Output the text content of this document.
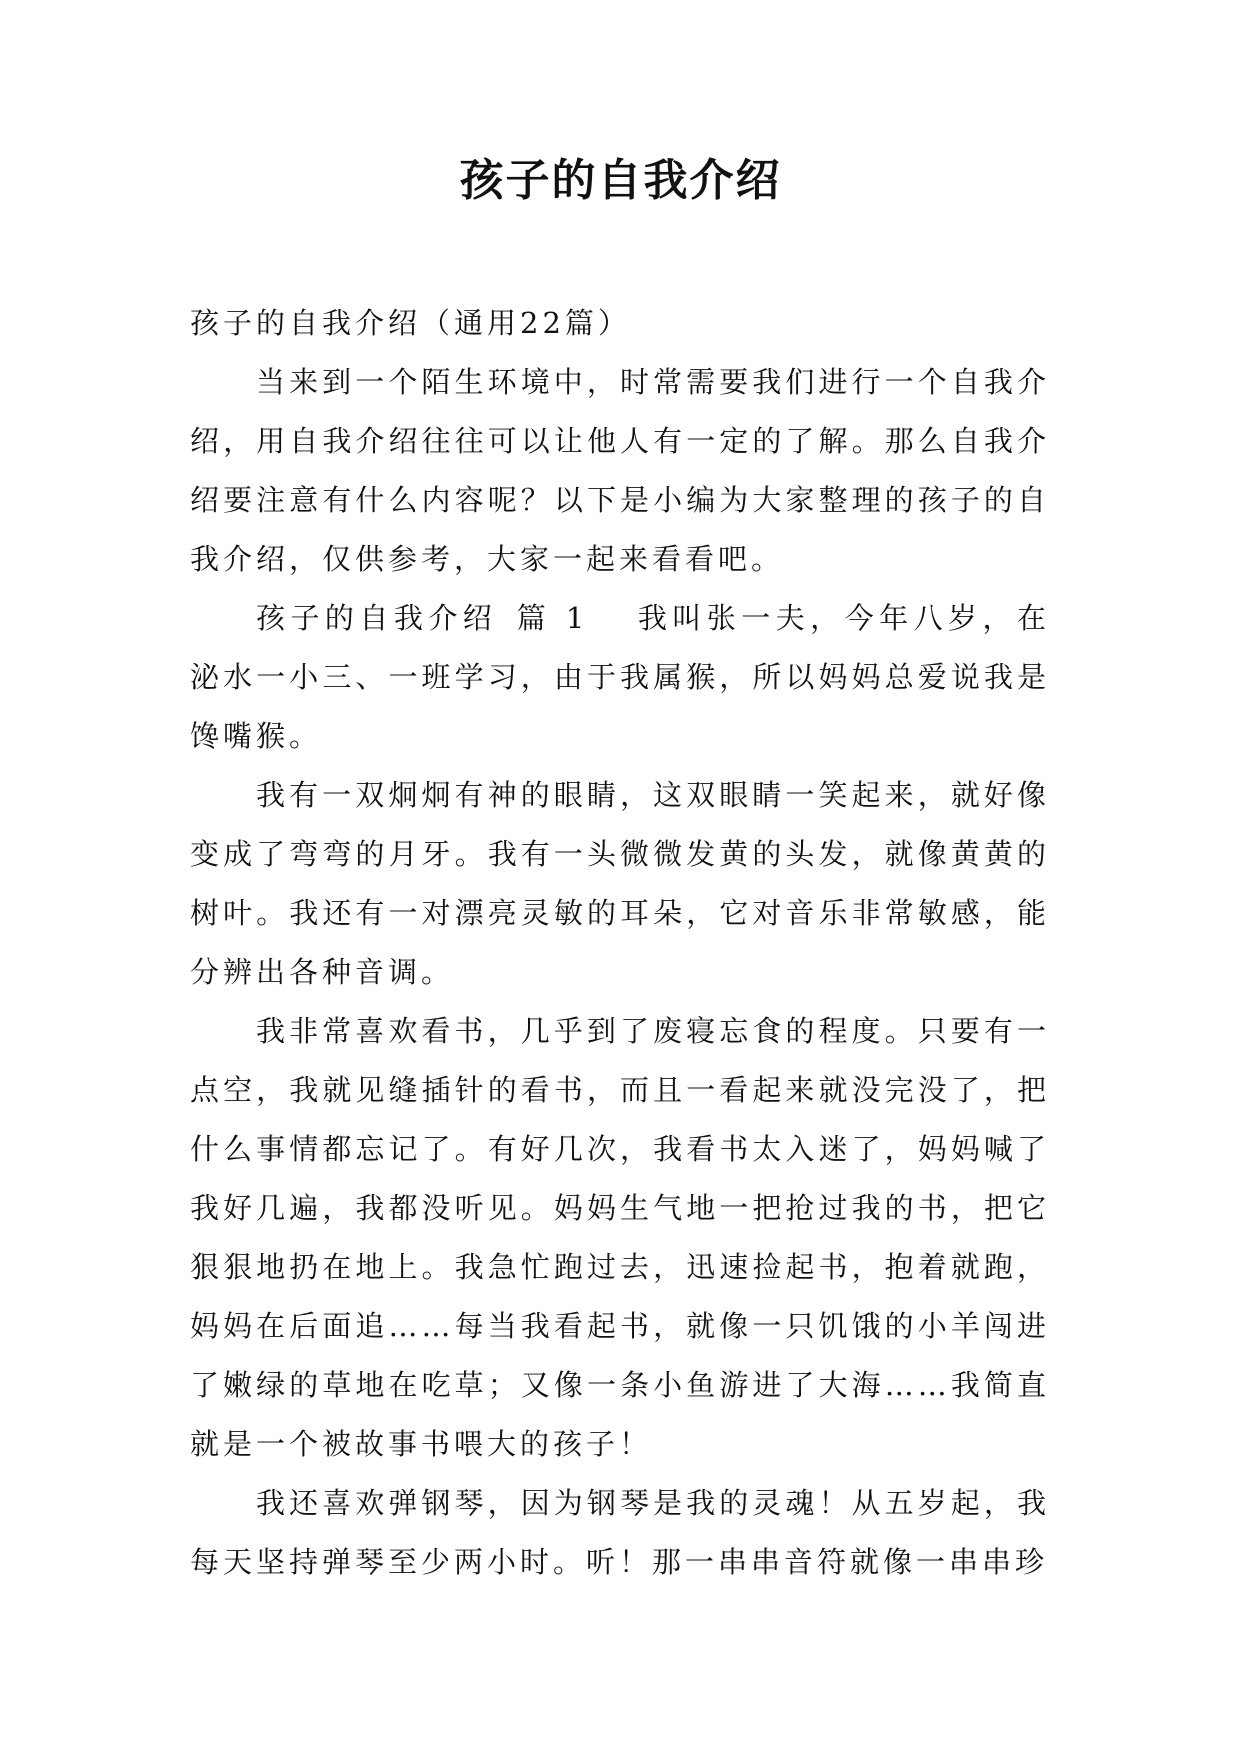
孩子的自我介绍

孩子的自我介绍（通用22篇）

当来到一个陌生环境中，时常需要我们进行一个自我介绍，用自我介绍往往可以让他人有一定的了解。那么自我介绍要注意有什么内容呢？以下是小编为大家整理的孩子的自我介绍，仅供参考，大家一起来看看吧。

孩子的自我介绍 篇 1 我叫张一夫，今年八岁，在泌水一小三、一班学习，由于我属猴，所以妈妈总爱说我是馋嘴猴。

我有一双炯炯有神的眼睛，这双眼睛一笑起来，就好像变成了弯弯的月牙。我有一头微微发黄的头发，就像黄黄的树叶。我还有一对漂亮灵敏的耳朵，它对音乐非常敏感，能分辨出各种音调。

我非常喜欢看书，几乎到了废寝忘食的程度。只要有一点空，我就见缝插针的看书，而且一看起来就没完没了，把什么事情都忘记了。有好几次，我看书太入迷了，妈妈喊了我好几遍，我都没听见。妈妈生气地一把抢过我的书，把它狠狠地扔在地上。我急忙跑过去，迅速捡起书，抱着就跑，妈妈在后面追……每当我看起书，就像一只饥饿的小羊闯进了嫩绿的草地在吃草；又像一条小鱼游进了大海……我简直就是一个被故事书喂大的孩子！

我还喜欢弹钢琴，因为钢琴是我的灵魂！从五岁起，我每天坚持弹琴至少两小时。听！那一串串音符就像一串串珍
